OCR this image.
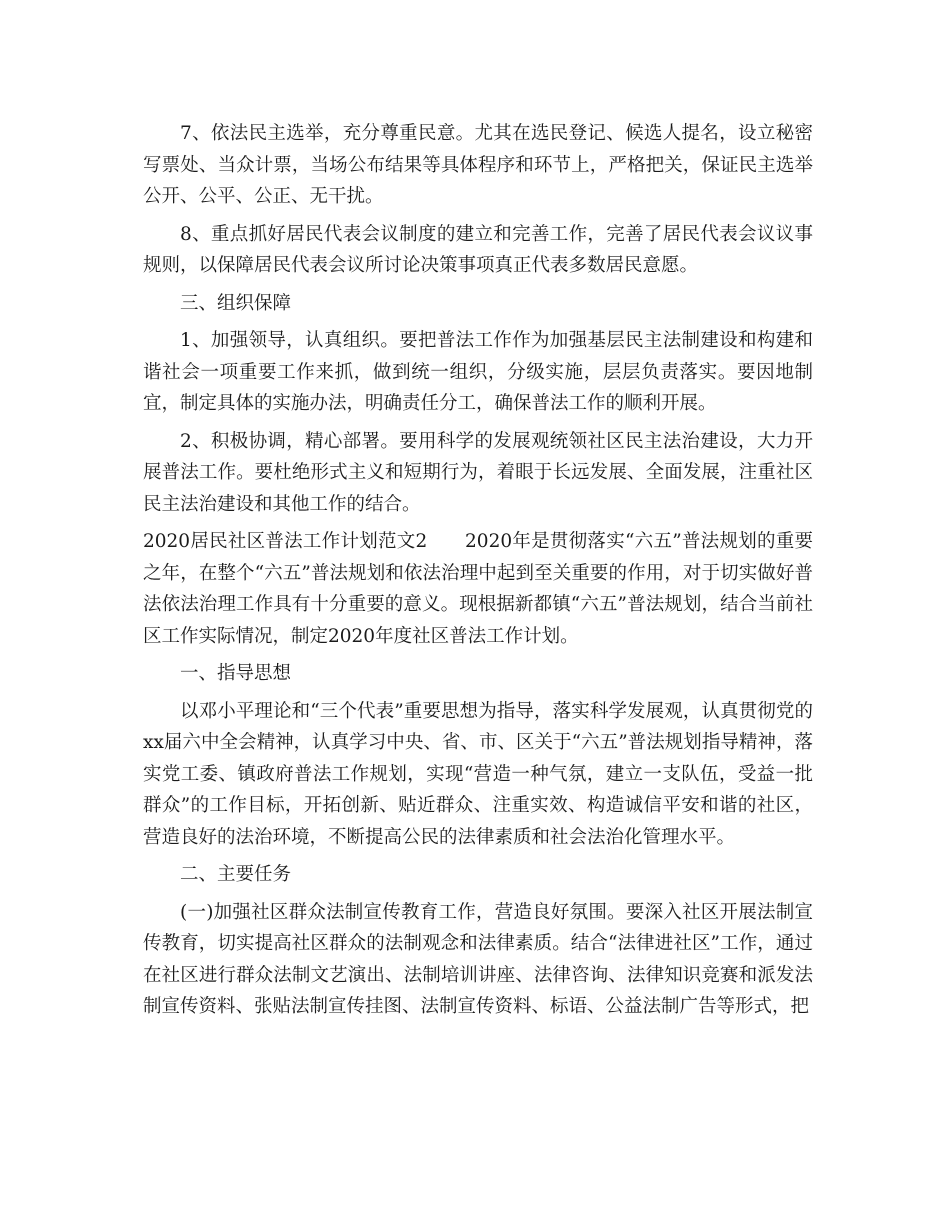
7、依法民主选举，充分尊重民意。尤其在选民登记、候选人提名，设立秘密写票处、当众计票，当场公布结果等具体程序和环节上，严格把关，保证民主选举公开、公平、公正、无干扰。

8、重点抓好居民代表会议制度的建立和完善工作，完善了居民代表会议议事规则，以保障居民代表会议所讨论决策事项真正代表多数居民意愿。

三、组织保障

1、加强领导，认真组织。要把普法工作作为加强基层民主法制建设和构建和谐社会一项重要工作来抓，做到统一组织，分级实施，层层负责落实。要因地制宜，制定具体的实施办法，明确责任分工，确保普法工作的顺利开展。

2、积极协调，精心部署。要用科学的发展观统领社区民主法治建设，大力开展普法工作。要杜绝形式主义和短期行为，着眼于长远发展、全面发展，注重社区民主法治建设和其他工作的结合。

2020居民社区普法工作计划范文2　　2020年是贯彻落实“六五”普法规划的重要之年，在整个“六五”普法规划和依法治理中起到至关重要的作用，对于切实做好普法依法治理工作具有十分重要的意义。现根据新都镇“六五”普法规划，结合当前社区工作实际情况，制定2020年度社区普法工作计划。

一、指导思想

以邓小平理论和“三个代表”重要思想为指导，落实科学发展观，认真贯彻党的xx届六中全会精神，认真学习中央、省、市、区关于“六五”普法规划指导精神，落实党工委、镇政府普法工作规划，实现“营造一种气氛，建立一支队伍，受益一批群众”的工作目标，开拓创新、贴近群众、注重实效、构造诚信平安和谐的社区，营造良好的法治环境，不断提高公民的法律素质和社会法治化管理水平。

二、主要任务

(一)加强社区群众法制宣传教育工作，营造良好氛围。要深入社区开展法制宣传教育，切实提高社区群众的法制观念和法律素质。结合“法律进社区”工作，通过在社区进行群众法制文艺演出、法制培训讲座、法律咨询、法律知识竞赛和派发法制宣传资料、张贴法制宣传挂图、法制宣传资料、标语、公益法制广告等形式，把
